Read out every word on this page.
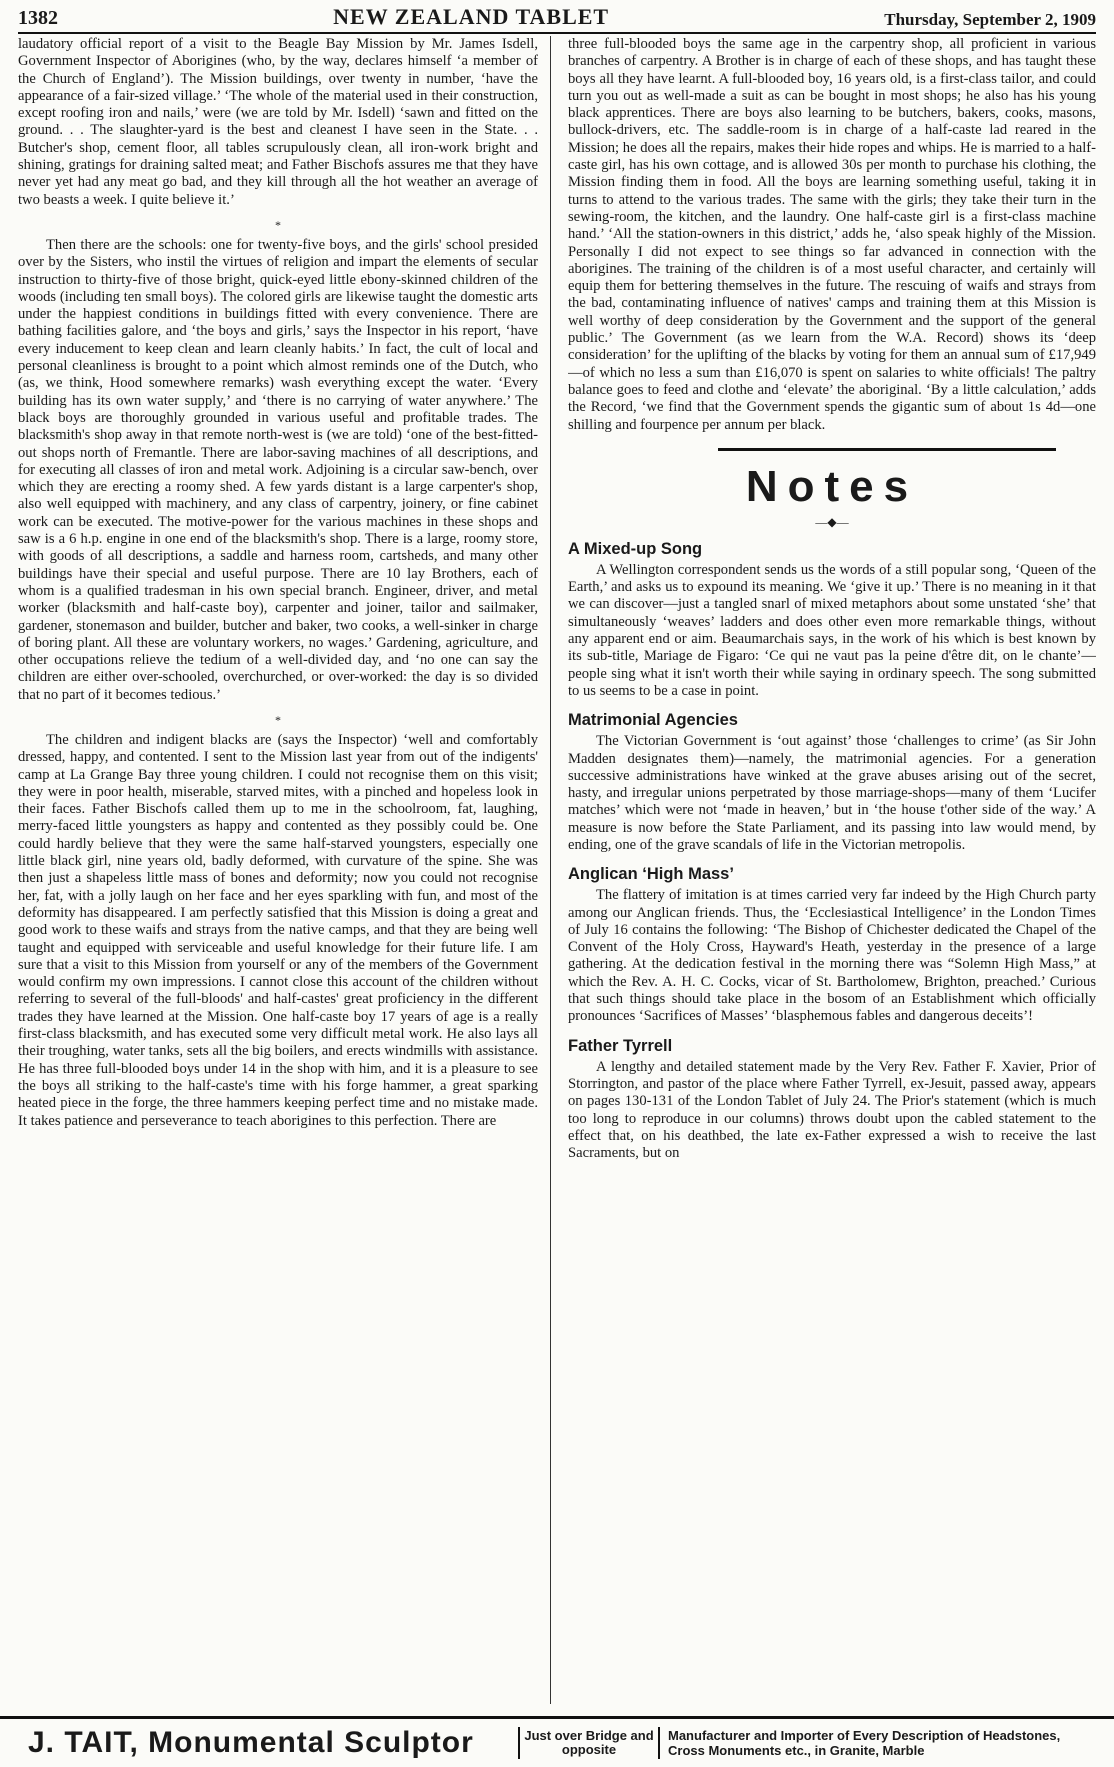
1382	NEW ZEALAND TABLET	Thursday, September 2, 1909

laudatory official report of a visit to the Beagle Bay Mission by Mr. James Isdell, Government Inspector of Aborigines (who, by the way, declares himself ‘a member of the Church of England’). The Mission buildings, over twenty in number, ‘have the appearance of a fair-sized village.’ ‘The whole of the material used in their construction, except roofing iron and nails,’ were (we are told by Mr. Isdell) ‘sawn and fitted on the ground. . . The slaughter-yard is the best and cleanest I have seen in the State. . . Butcher's shop, cement floor, all tables scrupulously clean, all iron-work bright and shining, gratings for draining salted meat; and Father Bischofs assures me that they have never yet had any meat go bad, and they kill through all the hot weather an average of two beasts a week. I quite believe it.’

*

Then there are the schools: one for twenty-five boys, and the girls' school presided over by the Sisters, who instil the virtues of religion and impart the elements of secular instruction to thirty-five of those bright, quick-eyed little ebony-skinned children of the woods (including ten small boys). The colored girls are likewise taught the domestic arts under the happiest conditions in buildings fitted with every convenience. There are bathing facilities galore, and ‘the boys and girls,’ says the Inspector in his report, ‘have every inducement to keep clean and learn cleanly habits.’ In fact, the cult of local and personal cleanliness is brought to a point which almost reminds one of the Dutch, who (as, we think, Hood somewhere remarks) wash everything except the water. ‘Every building has its own water supply,’ and ‘there is no carrying of water anywhere.’ The black boys are thoroughly grounded in various useful and profitable trades. The blacksmith's shop away in that remote north-west is (we are told) ‘one of the best-fitted-out shops north of Fremantle. There are labor-saving machines of all descriptions, and for executing all classes of iron and metal work. Adjoining is a circular saw-bench, over which they are erecting a roomy shed. A few yards distant is a large carpenter's shop, also well equipped with machinery, and any class of carpentry, joinery, or fine cabinet work can be executed. The motive-power for the various machines in these shops and saw is a 6 h.p. engine in one end of the blacksmith's shop. There is a large, roomy store, with goods of all descriptions, a saddle and harness room, cartsheds, and many other buildings have their special and useful purpose. There are 10 lay Brothers, each of whom is a qualified tradesman in his own special branch. Engineer, driver, and metal worker (blacksmith and half-caste boy), carpenter and joiner, tailor and sailmaker, gardener, stonemason and builder, butcher and baker, two cooks, a well-sinker in charge of boring plant. All these are voluntary workers, no wages.’ Gardening, agriculture, and other occupations relieve the tedium of a well-divided day, and ‘no one can say the children are either over-schooled, overchurched, or over-worked: the day is so divided that no part of it becomes tedious.’

*

The children and indigent blacks are (says the Inspector) ‘well and comfortably dressed, happy, and contented. I sent to the Mission last year from out of the indigents' camp at La Grange Bay three young children. I could not recognise them on this visit; they were in poor health, miserable, starved mites, with a pinched and hopeless look in their faces. Father Bischofs called them up to me in the schoolroom, fat, laughing, merry-faced little youngsters as happy and contented as they possibly could be. One could hardly believe that they were the same half-starved youngsters, especially one little black girl, nine years old, badly deformed, with curvature of the spine. She was then just a shapeless little mass of bones and deformity; now you could not recognise her, fat, with a jolly laugh on her face and her eyes sparkling with fun, and most of the deformity has disappeared. I am perfectly satisfied that this Mission is doing a great and good work to these waifs and strays from the native camps, and that they are being well taught and equipped with serviceable and useful knowledge for their future life. I am sure that a visit to this Mission from yourself or any of the members of the Government would confirm my own impressions. I cannot close this account of the children without referring to several of the full-bloods' and half-castes' great proficiency in the different trades they have learned at the Mission. One half-caste boy 17 years of age is a really first-class blacksmith, and has executed some very difficult metal work. He also lays all their troughing, water tanks, sets all the big boilers, and erects windmills with assistance. He has three full-blooded boys under 14 in the shop with him, and it is a pleasure to see the boys all striking to the half-caste's time with his forge hammer, a great sparking heated piece in the forge, the three hammers keeping perfect time and no mistake made. It takes patience and perseverance to teach aborigines to this perfection. There are

three full-blooded boys the same age in the carpentry shop, all proficient in various branches of carpentry. A Brother is in charge of each of these shops, and has taught these boys all they have learnt. A full-blooded boy, 16 years old, is a first-class tailor, and could turn you out as well-made a suit as can be bought in most shops; he also has his young black apprentices. There are boys also learning to be butchers, bakers, cooks, masons, bullock-drivers, etc. The saddle-room is in charge of a half-caste lad reared in the Mission; he does all the repairs, makes their hide ropes and whips. He is married to a half-caste girl, has his own cottage, and is allowed 30s per month to purchase his clothing, the Mission finding them in food. All the boys are learning something useful, taking it in turns to attend to the various trades. The same with the girls; they take their turn in the sewing-room, the kitchen, and the laundry. One half-caste girl is a first-class machine hand.’ ‘All the station-owners in this district,’ adds he, ‘also speak highly of the Mission. Personally I did not expect to see things so far advanced in connection with the aborigines. The training of the children is of a most useful character, and certainly will equip them for bettering themselves in the future. The rescuing of waifs and strays from the bad, contaminating influence of natives' camps and training them at this Mission is well worthy of deep consideration by the Government and the support of the general public.’ The Government (as we learn from the W.A. Record) shows its ‘deep consideration’ for the uplifting of the blacks by voting for them an annual sum of £17,949—of which no less a sum than £16,070 is spent on salaries to white officials! The paltry balance goes to feed and clothe and ‘elevate’ the aboriginal. ‘By a little calculation,’ adds the Record, ‘we find that the Government spends the gigantic sum of about 1s 4d—one shilling and fourpence per annum per black.

Notes
—◆—
A Mixed-up Song

A Wellington correspondent sends us the words of a still popular song, ‘Queen of the Earth,’ and asks us to expound its meaning. We ‘give it up.’ There is no meaning in it that we can discover—just a tangled snarl of mixed metaphors about some unstated ‘she’ that simultaneously ‘weaves’ ladders and does other even more remarkable things, without any apparent end or aim. Beaumarchais says, in the work of his which is best known by its sub-title, Mariage de Figaro: ‘Ce qui ne vaut pas la peine d'être dit, on le chante’—people sing what it isn't worth their while saying in ordinary speech. The song submitted to us seems to be a case in point.

Matrimonial Agencies

The Victorian Government is ‘out against’ those ‘challenges to crime’ (as Sir John Madden designates them)—namely, the matrimonial agencies. For a generation successive administrations have winked at the grave abuses arising out of the secret, hasty, and irregular unions perpetrated by those marriage-shops—many of them ‘Lucifer matches’ which were not ‘made in heaven,’ but in ‘the house t'other side of the way.’ A measure is now before the State Parliament, and its passing into law would mend, by ending, one of the grave scandals of life in the Victorian metropolis.

Anglican ‘High Mass’

The flattery of imitation is at times carried very far indeed by the High Church party among our Anglican friends. Thus, the ‘Ecclesiastical Intelligence’ in the London Times of July 16 contains the following: ‘The Bishop of Chichester dedicated the Chapel of the Convent of the Holy Cross, Hayward's Heath, yesterday in the presence of a large gathering. At the dedication festival in the morning there was “Solemn High Mass,” at which the Rev. A. H. C. Cocks, vicar of St. Bartholomew, Brighton, preached.’ Curious that such things should take place in the bosom of an Establishment which officially pronounces ‘Sacrifices of Masses’ ‘blasphemous fables and dangerous deceits’!

Father Tyrrell

A lengthy and detailed statement made by the Very Rev. Father F. Xavier, Prior of Storrington, and pastor of the place where Father Tyrrell, ex-Jesuit, passed away, appears on pages 130-131 of the London Tablet of July 24. The Prior's statement (which is much too long to reproduce in our columns) throws doubt upon the cabled statement to the effect that, on his deathbed, the late ex-Father expressed a wish to receive the last Sacraments, but on

J. TAIT, Monumental Sculptor	Just over Bridge and opposite
Manufacturer and Importer of Every Description of Headstones, Cross Monuments etc., in Granite, Marble
